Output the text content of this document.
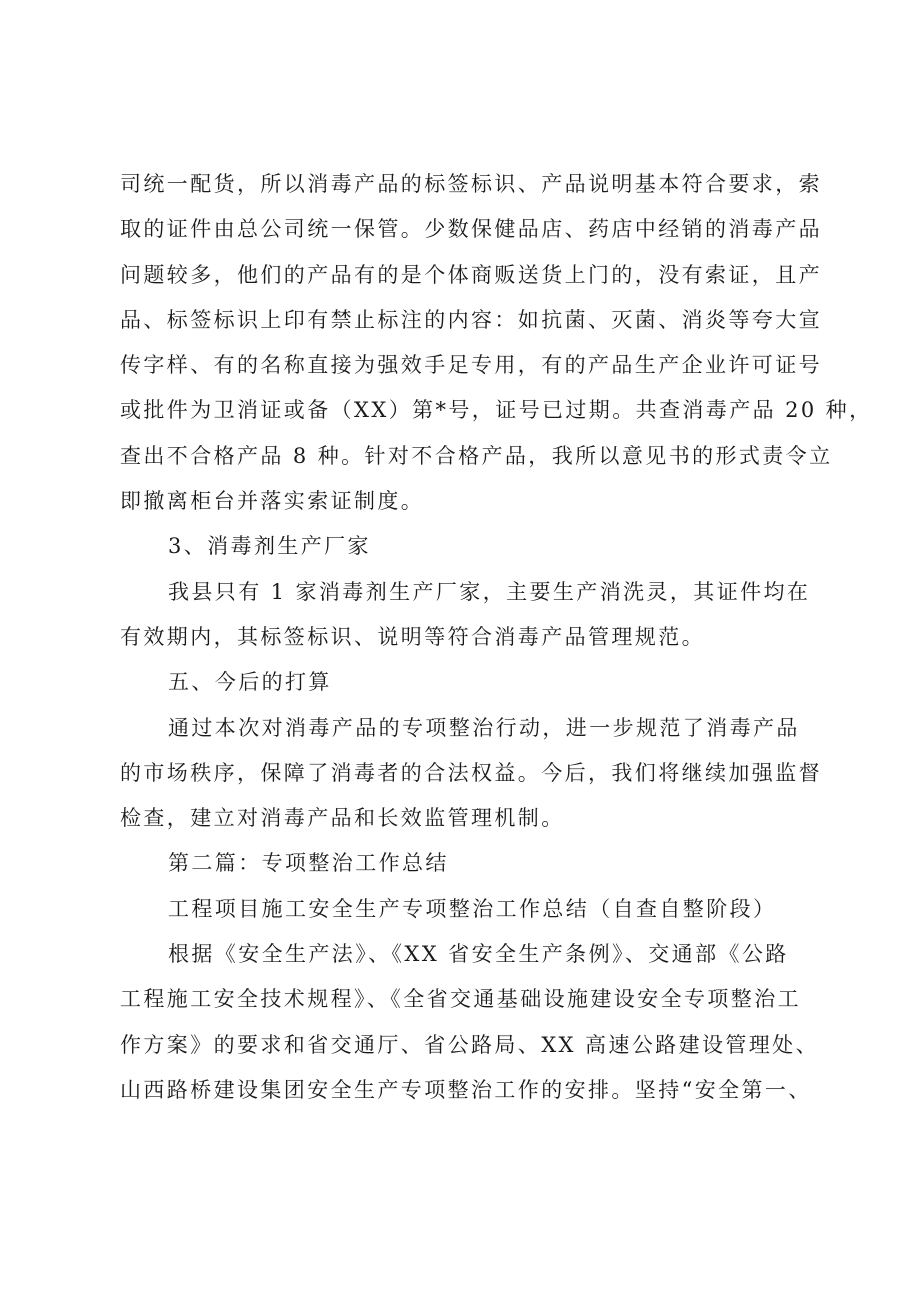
司统一配货，所以消毒产品的标签标识、产品说明基本符合要求，索
取的证件由总公司统一保管。少数保健品店、药店中经销的消毒产品
问题较多，他们的产品有的是个体商贩送货上门的，没有索证，且产
品、标签标识上印有禁止标注的内容：如抗菌、灭菌、消炎等夸大宣
传字样、有的名称直接为强效手足专用，有的产品生产企业许可证号
或批件为卫消证或备（XX）第*号，证号已过期。共查消毒产品 20 种，
查出不合格产品 8 种。针对不合格产品，我所以意见书的形式责令立
即撤离柜台并落实索证制度。
3、消毒剂生产厂家
我县只有 1 家消毒剂生产厂家，主要生产消洗灵，其证件均在
有效期内，其标签标识、说明等符合消毒产品管理规范。
五、今后的打算
通过本次对消毒产品的专项整治行动，进一步规范了消毒产品
的市场秩序，保障了消毒者的合法权益。今后，我们将继续加强监督
检查，建立对消毒产品和长效监管理机制。
第二篇：专项整治工作总结
工程项目施工安全生产专项整治工作总结（自查自整阶段）
根据《安全生产法》、《XX 省安全生产条例》、交通部《公路
工程施工安全技术规程》、《全省交通基础设施建设安全专项整治工
作方案》的要求和省交通厅、省公路局、XX 高速公路建设管理处、
山西路桥建设集团安全生产专项整治工作的安排。坚持“安全第一、
